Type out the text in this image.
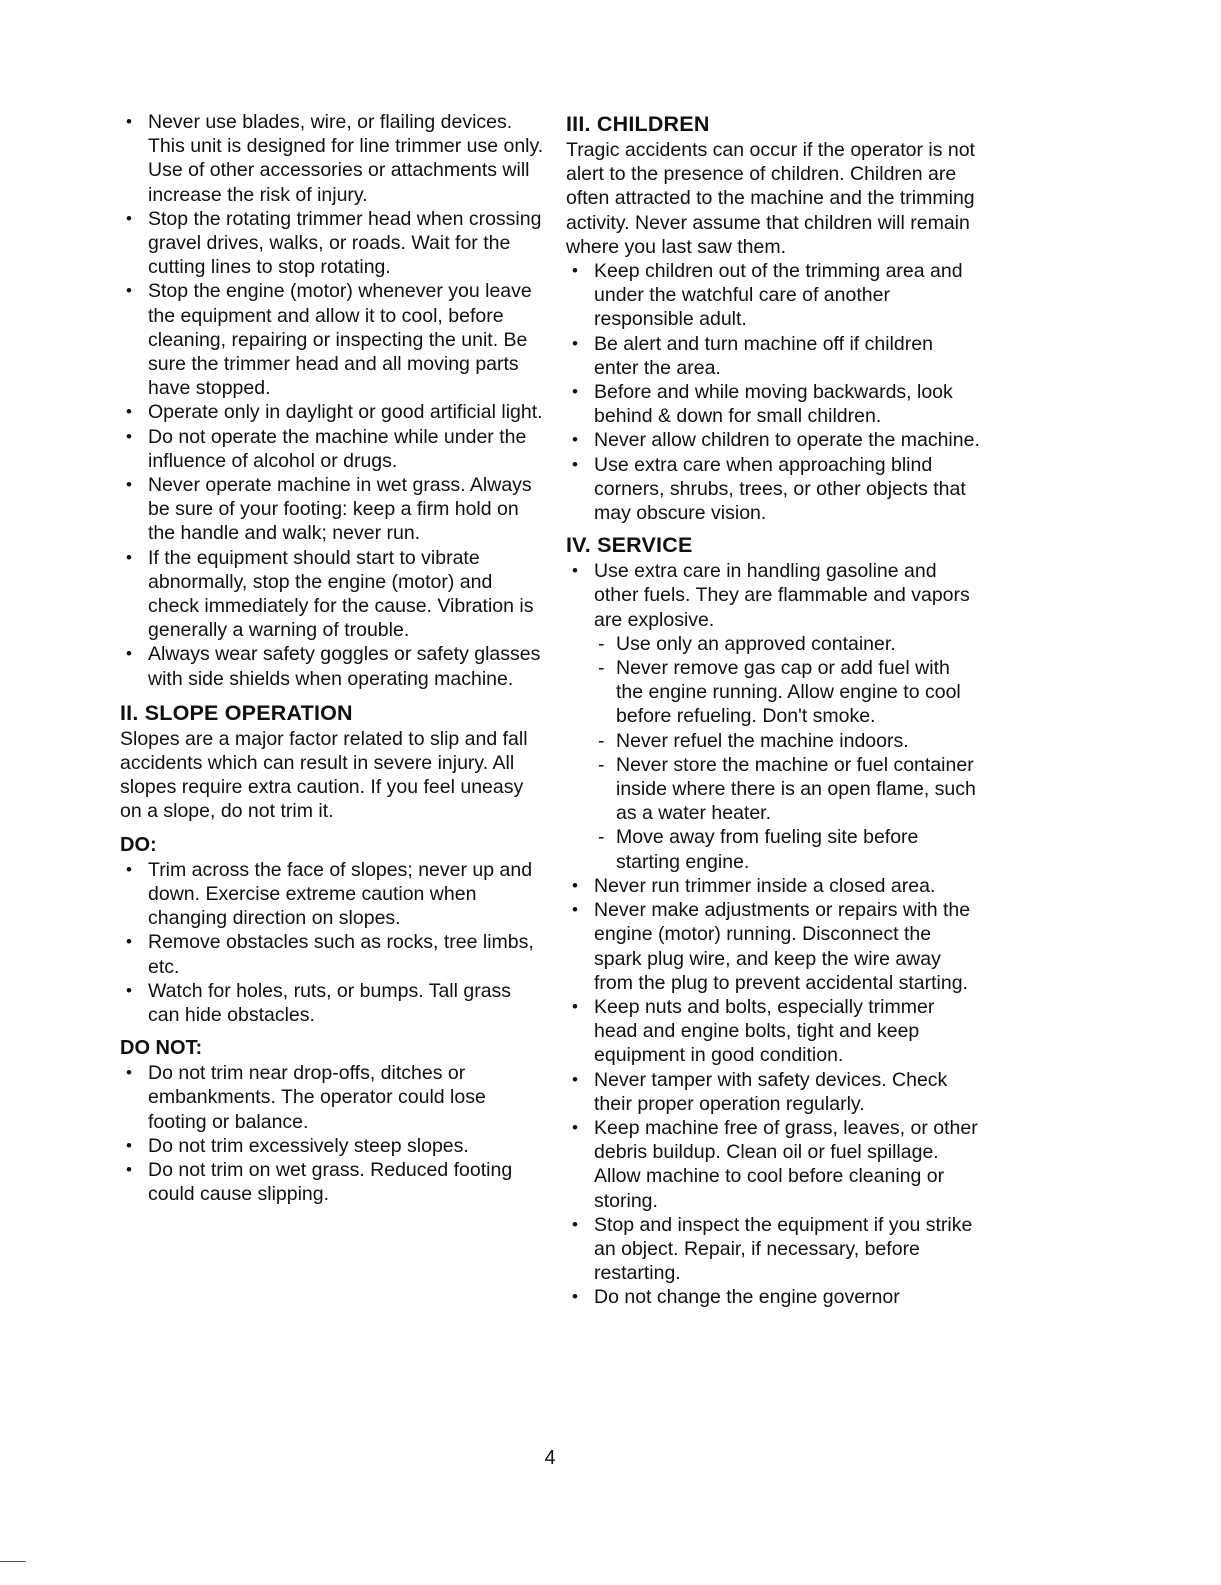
• Never use blades, wire, or flailing devices. This unit is designed for line trimmer use only. Use of other accessories or attachments will increase the risk of injury.
• Stop the rotating trimmer head when crossing gravel drives, walks, or roads. Wait for the cutting lines to stop rotating.
• Stop the engine (motor) whenever you leave the equipment and allow it to cool, before cleaning, repairing or inspecting the unit. Be sure the trimmer head and all moving parts have stopped.
• Operate only in daylight or good artificial light.
• Do not operate the machine while under the influence of alcohol or drugs.
• Never operate machine in wet grass. Always be sure of your footing: keep a firm hold on the handle and walk; never run.
• If the equipment should start to vibrate abnormally, stop the engine (motor) and check immediately for the cause. Vibration is generally a warning of trouble.
• Always wear safety goggles or safety glasses with side shields when operating machine.
II. SLOPE OPERATION

Slopes are a major factor related to slip and fall accidents which can result in severe injury. All slopes require extra caution. If you feel uneasy on a slope, do not trim it.

DO:
• Trim across the face of slopes; never up and down. Exercise extreme caution when changing direction on slopes.
• Remove obstacles such as rocks, tree limbs, etc.
• Watch for holes, ruts, or bumps. Tall grass can hide obstacles.
DO NOT:
• Do not trim near drop-offs, ditches or embankments. The operator could lose footing or balance.
• Do not trim excessively steep slopes.
• Do not trim on wet grass. Reduced footing could cause slipping.
III. CHILDREN

Tragic accidents can occur if the operator is not alert to the presence of children. Children are often attracted to the machine and the trimming activity. Never assume that children will remain where you last saw them.

• Keep children out of the trimming area and under the watchful care of another responsible adult.
• Be alert and turn machine off if children enter the area.
• Before and while moving backwards, look behind & down for small children.
• Never allow children to operate the machine.
• Use extra care when approaching blind corners, shrubs, trees, or other objects that may obscure vision.
IV. SERVICE
• Use extra care in handling gasoline and other fuels. They are flammable and vapors are explosive.
- Use only an approved container.
- Never remove gas cap or add fuel with the engine running. Allow engine to cool before refueling. Don't smoke.
- Never refuel the machine indoors.
- Never store the machine or fuel container inside where there is an open flame, such as a water heater.
- Move away from fueling site before starting engine.
• Never run trimmer inside a closed area.
• Never make adjustments or repairs with the engine (motor) running. Disconnect the spark plug wire, and keep the wire away from the plug to prevent accidental starting.
• Keep nuts and bolts, especially trimmer head and engine bolts, tight and keep equipment in good condition.
• Never tamper with safety devices. Check their proper operation regularly.
• Keep machine free of grass, leaves, or other debris buildup. Clean oil or fuel spillage. Allow machine to cool before cleaning or storing.
• Stop and inspect the equipment if you strike an object. Repair, if necessary, before restarting.
• Do not change the engine governor
4
